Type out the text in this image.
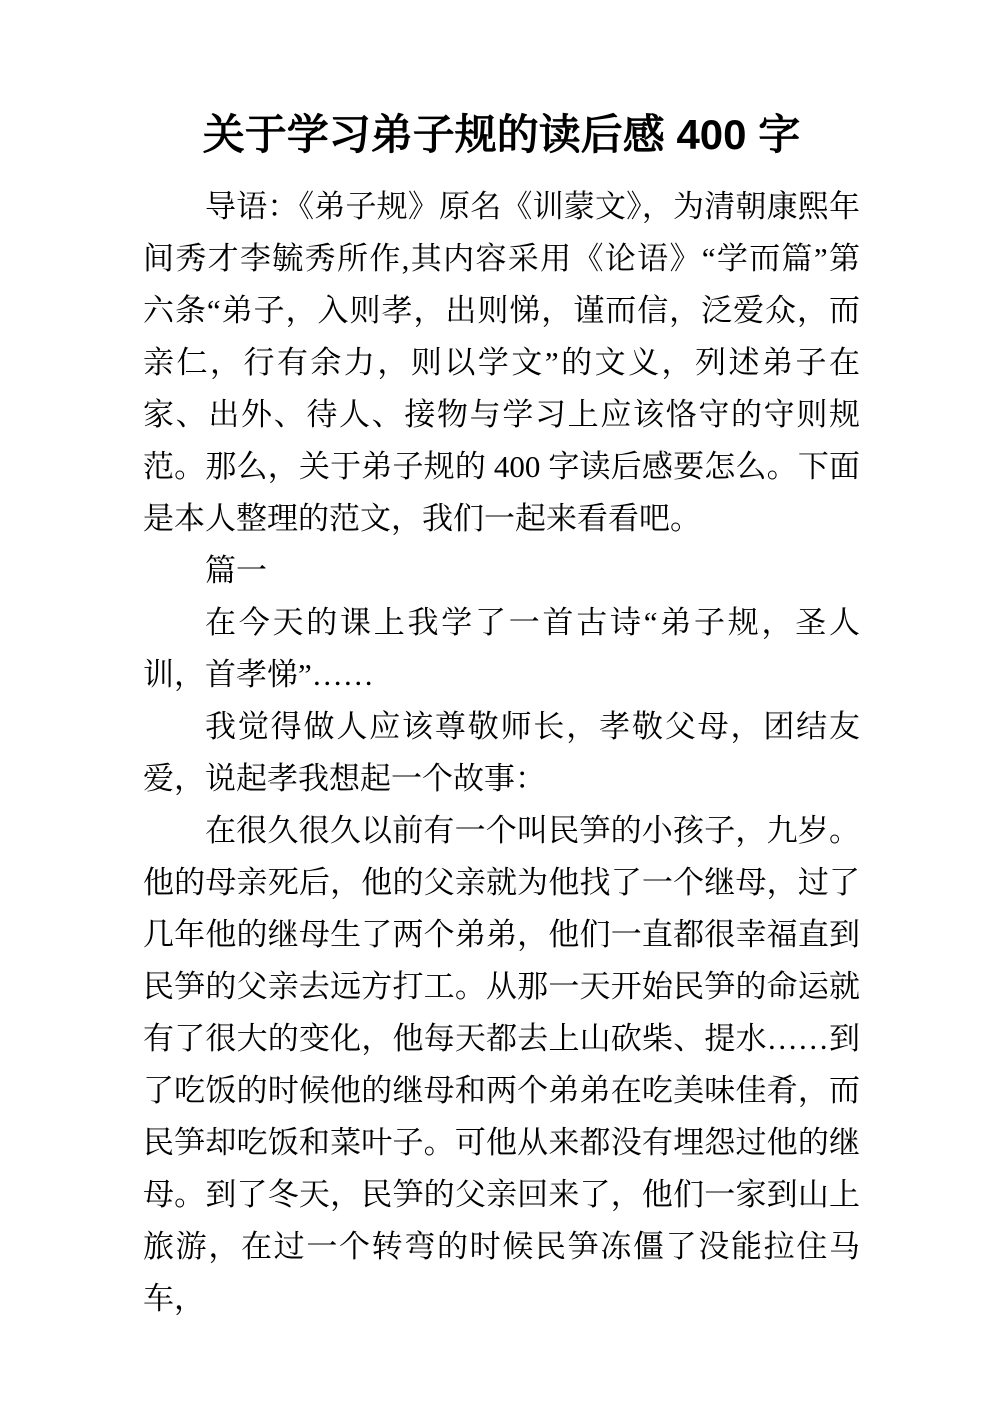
关于学习弟子规的读后感 400 字

导语：《弟子规》原名《训蒙文》，为清朝康熙年间秀才李毓秀所作,其内容采用《论语》“学而篇”第六条“弟子，入则孝，出则悌，谨而信，泛爱众，而亲仁，行有余力，则以学文”的文义，列述弟子在家、出外、待人、接物与学习上应该恪守的守则规范。那么，关于弟子规的 400 字读后感要怎么。下面是本人整理的范文，我们一起来看看吧。

篇一

在今天的课上我学了一首古诗“弟子规，圣人训，首孝悌”……

我觉得做人应该尊敬师长，孝敬父母，团结友爱，说起孝我想起一个故事：

在很久很久以前有一个叫民笋的小孩子，九岁。他的母亲死后，他的父亲就为他找了一个继母，过了几年他的继母生了两个弟弟，他们一直都很幸福直到民笋的父亲去远方打工。从那一天开始民笋的命运就有了很大的变化，他每天都去上山砍柴、提水……到了吃饭的时候他的继母和两个弟弟在吃美味佳肴，而民笋却吃饭和菜叶子。可他从来都没有埋怨过他的继母。到了冬天，民笋的父亲回来了，他们一家到山上旅游，在过一个转弯的时候民笋冻僵了没能拉住马车，
